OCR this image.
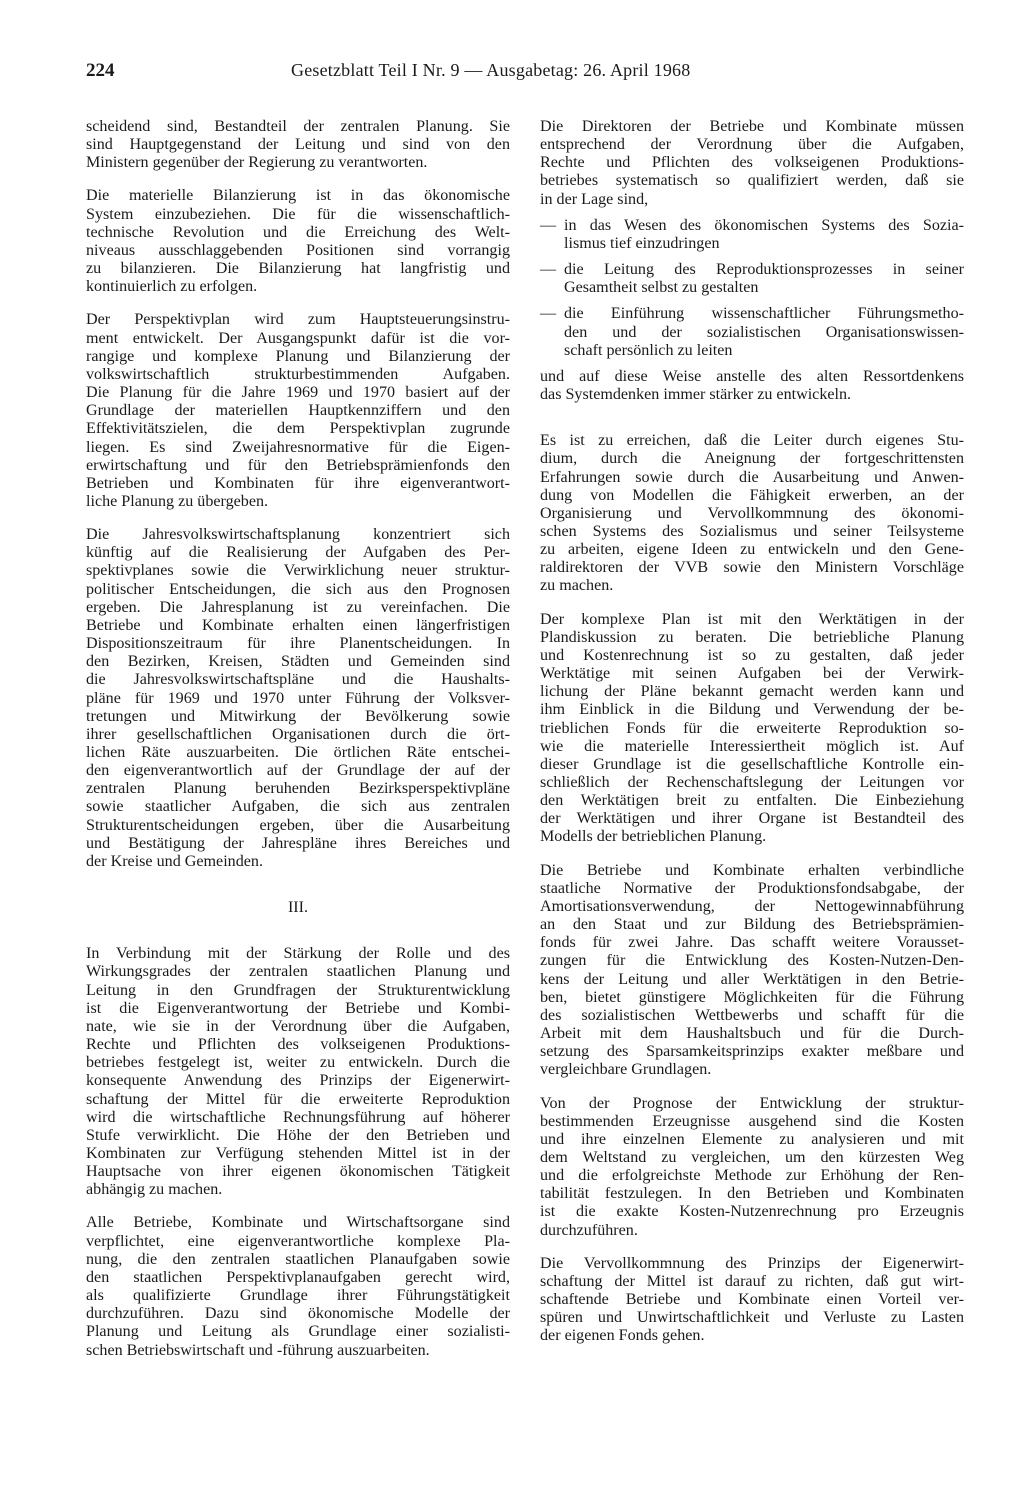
224	Gesetzblatt Teil I Nr. 9 — Ausgabetag: 26. April 1968
scheidend sind, Bestandteil der zentralen Planung. Sie
sind Hauptgegenstand der Leitung und sind von den
Ministern gegenüber der Regierung zu verantworten.
Die materielle Bilanzierung ist in das ökonomische
System einzubeziehen. Die für die wissenschaftlich-
technische Revolution und die Erreichung des Welt-
niveaus ausschlaggebenden Positionen sind vorrangig
zu bilanzieren. Die Bilanzierung hat langfristig und
kontinuierlich zu erfolgen.
Der Perspektivplan wird zum Hauptsteuerungsinstru-
ment entwickelt. Der Ausgangspunkt dafür ist die vor-
rangige und komplexe Planung und Bilanzierung der
volkswirtschaftlich strukturbestimmenden Aufgaben.
Die Planung für die Jahre 1969 und 1970 basiert auf der
Grundlage der materiellen Hauptkennziffern und den
Effektivitätszielen, die dem Perspektivplan zugrunde
liegen. Es sind Zweijahresnormative für die Eigen-
erwirtschaftung und für den Betriebsprämienfonds den
Betrieben und Kombinaten für ihre eigenverantwort-
liche Planung zu übergeben.
Die Jahresvolkswirtschaftsplanung konzentriert sich
künftig auf die Realisierung der Aufgaben des Per-
spektivplanes sowie die Verwirklichung neuer struktur-
politischer Entscheidungen, die sich aus den Prognosen
ergeben. Die Jahresplanung ist zu vereinfachen. Die
Betriebe und Kombinate erhalten einen längerfristigen
Dispositionszeitraum für ihre Planentscheidungen. In
den Bezirken, Kreisen, Städten und Gemeinden sind
die Jahresvolkswirtschaftspläne und die Haushalts-
pläne für 1969 und 1970 unter Führung der Volksver-
tretungen und Mitwirkung der Bevölkerung sowie
ihrer gesellschaftlichen Organisationen durch die ört-
lichen Räte auszuarbeiten. Die örtlichen Räte entschei-
den eigenverantwortlich auf der Grundlage der auf der
zentralen Planung beruhenden Bezirksperspektivpläne
sowie staatlicher Aufgaben, die sich aus zentralen
Strukturentscheidungen ergeben, über die Ausarbeitung
und Bestätigung der Jahrespläne ihres Bereiches und
der Kreise und Gemeinden.
III.
In Verbindung mit der Stärkung der Rolle und des
Wirkungsgrades der zentralen staatlichen Planung und
Leitung in den Grundfragen der Strukturentwicklung
ist die Eigenverantwortung der Betriebe und Kombi-
nate, wie sie in der Verordnung über die Aufgaben,
Rechte und Pflichten des volkseigenen Produktions-
betriebes festgelegt ist, weiter zu entwickeln. Durch die
konsequente Anwendung des Prinzips der Eigenerwirt-
schaftung der Mittel für die erweiterte Reproduktion
wird die wirtschaftliche Rechnungsführung auf höherer
Stufe verwirklicht. Die Höhe der den Betrieben und
Kombinaten zur Verfügung stehenden Mittel ist in der
Hauptsache von ihrer eigenen ökonomischen Tätigkeit
abhängig zu machen.
Alle Betriebe, Kombinate und Wirtschaftsorgane sind
verpflichtet, eine eigenverantwortliche komplexe Pla-
nung, die den zentralen staatlichen Planaufgaben sowie
den staatlichen Perspektivplanaufgaben gerecht wird,
als qualifizierte Grundlage ihrer Führungstätigkeit
durchzuführen. Dazu sind ökonomische Modelle der
Planung und Leitung als Grundlage einer sozialisti-
schen Betriebswirtschaft und -führung auszuarbeiten.
Die Direktoren der Betriebe und Kombinate müssen
entsprechend der Verordnung über die Aufgaben,
Rechte und Pflichten des volkseigenen Produktions-
betriebes systematisch so qualifiziert werden, daß sie
in der Lage sind,
— in das Wesen des ökonomischen Systems des Sozia-
lismus tief einzudringen
— die Leitung des Reproduktionsprozesses in seiner
Gesamtheit selbst zu gestalten
— die Einführung wissenschaftlicher Führungsmetho-
den und der sozialistischen Organisationswissen-
schaft persönlich zu leiten
und auf diese Weise anstelle des alten Ressortdenkens
das Systemdenken immer stärker zu entwickeln.
Es ist zu erreichen, daß die Leiter durch eigenes Stu-
dium, durch die Aneignung der fortgeschrittensten
Erfahrungen sowie durch die Ausarbeitung und Anwen-
dung von Modellen die Fähigkeit erwerben, an der
Organisierung und Vervollkommnung des ökonomi-
schen Systems des Sozialismus und seiner Teilsysteme
zu arbeiten, eigene Ideen zu entwickeln und den Gene-
raldirektoren der VVB sowie den Ministern Vorschläge
zu machen.
Der komplexe Plan ist mit den Werktätigen in der
Plandiskussion zu beraten. Die betriebliche Planung
und Kostenrechnung ist so zu gestalten, daß jeder
Werktätige mit seinen Aufgaben bei der Verwirk-
lichung der Pläne bekannt gemacht werden kann und
ihm Einblick in die Bildung und Verwendung der be-
trieblichen Fonds für die erweiterte Reproduktion so-
wie die materielle Interessiertheit möglich ist. Auf
dieser Grundlage ist die gesellschaftliche Kontrolle ein-
schließlich der Rechenschaftslegung der Leitungen vor
den Werktätigen breit zu entfalten. Die Einbeziehung
der Werktätigen und ihrer Organe ist Bestandteil des
Modells der betrieblichen Planung.
Die Betriebe und Kombinate erhalten verbindliche
staatliche Normative der Produktionsfondsabgabe, der
Amortisationsverwendung, der Nettogewinnabführung
an den Staat und zur Bildung des Betriebsprämien-
fonds für zwei Jahre. Das schafft weitere Vorausset-
zungen für die Entwicklung des Kosten-Nutzen-Den-
kens der Leitung und aller Werktätigen in den Betrie-
ben, bietet günstigere Möglichkeiten für die Führung
des sozialistischen Wettbewerbs und schafft für die
Arbeit mit dem Haushaltsbuch und für die Durch-
setzung des Sparsamkeitsprinzips exakter meßbare und
vergleichbare Grundlagen.
Von der Prognose der Entwicklung der struktur-
bestimmenden Erzeugnisse ausgehend sind die Kosten
und ihre einzelnen Elemente zu analysieren und mit
dem Weltstand zu vergleichen, um den kürzesten Weg
und die erfolgreichste Methode zur Erhöhung der Ren-
tabilität festzulegen. In den Betrieben und Kombinaten
ist die exakte Kosten-Nutzenrechnung pro Erzeugnis
durchzuführen.
Die Vervollkommnung des Prinzips der Eigenerwirt-
schaftung der Mittel ist darauf zu richten, daß gut wirt-
schaftende Betriebe und Kombinate einen Vorteil ver-
spüren und Unwirtschaftlichkeit und Verluste zu Lasten
der eigenen Fonds gehen.
